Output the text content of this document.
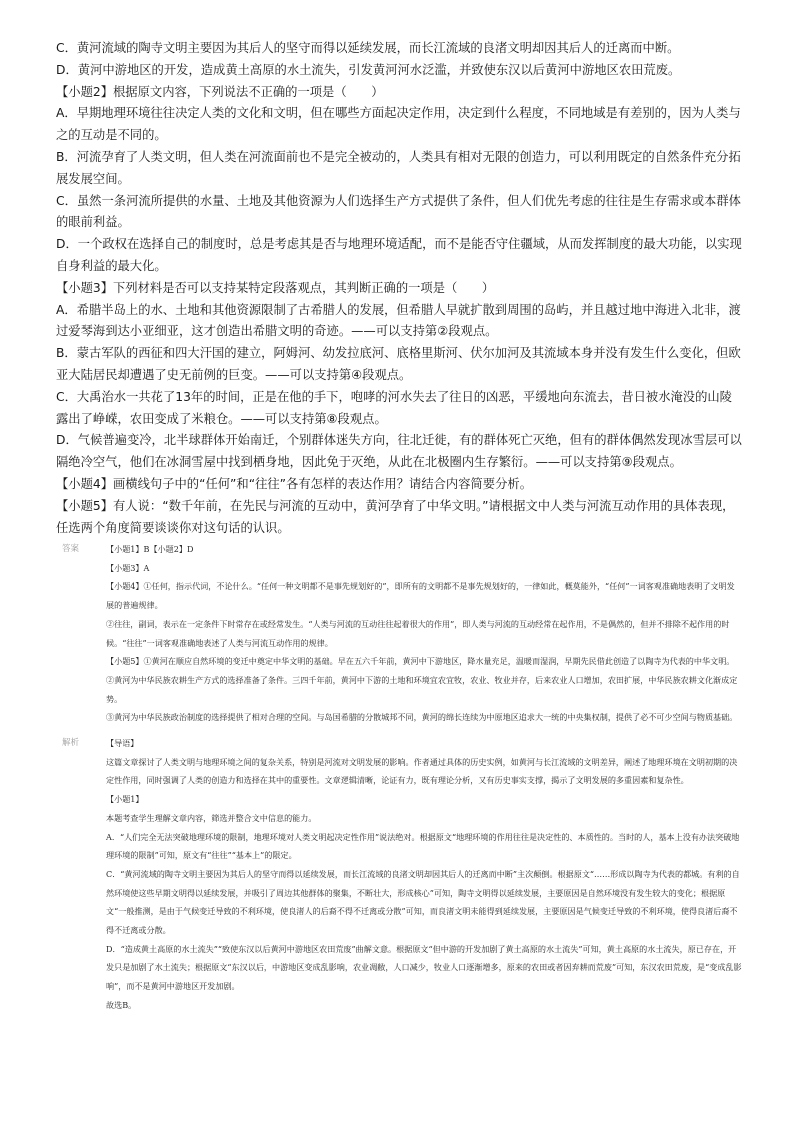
C．黄河流域的陶寺文明主要因为其后人的坚守而得以延续发展，而长江流域的良渚文明却因其后人的迁离而中断。

D．黄河中游地区的开发，造成黄土高原的水土流失，引发黄河河水泛滥，并致使东汉以后黄河中游地区农田荒废。

【小题2】根据原文内容，下列说法不正确的一项是（　　）

A．早期地理环境往往决定人类的文化和文明，但在哪些方面起决定作用，决定到什么程度，不同地域是有差别的，因为人类与之的互动是不同的。

B．河流孕育了人类文明，但人类在河流面前也不是完全被动的，人类具有相对无限的创造力，可以利用既定的自然条件充分拓展发展空间。

C．虽然一条河流所提供的水量、土地及其他资源为人们选择生产方式提供了条件，但人们优先考虑的往往是生存需求或本群体的眼前利益。

D．一个政权在选择自己的制度时，总是考虑其是否与地理环境适配，而不是能否守住疆域，从而发挥制度的最大功能，以实现自身利益的最大化。

【小题3】下列材料是否可以支持某特定段落观点，其判断正确的一项是（　　）

A．希腊半岛上的水、土地和其他资源限制了古希腊人的发展，但希腊人早就扩散到周围的岛屿，并且越过地中海进入北非，渡过爱琴海到达小亚细亚，这才创造出希腊文明的奇迹。——可以支持第②段观点。

B．蒙古军队的西征和四大汗国的建立，阿姆河、幼发拉底河、底格里斯河、伏尔加河及其流域本身并没有发生什么变化，但欧亚大陆居民却遭遇了史无前例的巨变。——可以支持第④段观点。

C．大禹治水一共花了13年的时间，正是在他的手下，咆哮的河水失去了往日的凶恶，平缓地向东流去，昔日被水淹没的山陵露出了峥嵘，农田变成了米粮仓。——可以支持第⑧段观点。

D．气候普遍变冷，北半球群体开始南迁，个别群体迷失方向，往北迁徙，有的群体死亡灭绝，但有的群体偶然发现冰雪层可以隔绝冷空气，他们在冰洞雪屋中找到栖身地，因此免于灭绝，从此在北极圈内生存繁衍。——可以支持第⑨段观点。

【小题4】画横线句子中的“任何”和“往往”各有怎样的表达作用？请结合内容简要分析。

【小题5】有人说：“数千年前，在先民与河流的互动中，黄河孕育了中华文明。”请根据文中人类与河流互动作用的具体表现，任选两个角度简要谈谈你对这句话的认识。

答案	【小题1】B【小题2】D

【小题3】A

【小题4】①任何，指示代词，不论什么。“任何一种文明都不是事先规划好的”，即所有的文明都不是事先规划好的，一律如此，概莫能外，“任何”一词客观准确地表明了文明发展的普遍规律。

②往往，副词，表示在一定条件下时常存在或经常发生。“人类与河流的互动往往起着很大的作用”，即人类与河流的互动经常在起作用，不是偶然的，但并不排除不起作用的时候。“往往”一词客观准确地表述了人类与河流互动作用的规律。

【小题5】①黄河在顺应自然环境的变迁中奠定中华文明的基础。早在五六千年前，黄河中下游地区，降水量充足，温暖而湿润，早期先民借此创造了以陶寺为代表的中华文明。

②黄河为中华民族农耕生产方式的选择准备了条件。三四千年前，黄河中下游的土地和环境宜农宜牧，农业、牧业并存，后来农业人口增加，农田扩展，中华民族农耕文化渐成定势。

③黄河为中华民族政治制度的选择提供了相对合理的空间。与岛国希腊的分散城邦不同，黄河的绵长连续为中原地区追求大一统的中央集权制，提供了必不可少空间与物质基础。

解析	【导语】

这篇文章探讨了人类文明与地理环境之间的复杂关系，特别是河流对文明发展的影响。作者通过具体的历史实例，如黄河与长江流域的文明差异，阐述了地理环境在文明初期的决定性作用，同时强调了人类的创造力和选择在其中的重要性。文章逻辑清晰，论证有力，既有理论分析，又有历史事实支撑，揭示了文明发展的多重因素和复杂性。

【小题1】

本题考查学生理解文章内容，筛选并整合文中信息的能力。

A．“人们完全无法突破地理环境的限制，地理环境对人类文明起决定性作用”说法绝对。根据原文“地理环境的作用往往是决定性的、本质性的。当时的人，基本上没有办法突破地理环境的限制”可知，原文有“往往”“基本上”的限定。

C．“黄河流域的陶寺文明主要因为其后人的坚守而得以延续发展，而长江流域的良渚文明却因其后人的迁离而中断”主次颠倒。根据原文“……形成以陶寺为代表的都城。有利的自然环境使这些早期文明得以延续发展，并吸引了周边其他群体的聚集，不断壮大，形成核心”可知，陶寺文明得以延续发展，主要原因是自然环境没有发生较大的变化；根据原文“一般推测，是由于气候变迁导致的不利环境，使良渚人的后裔不得不迁离或分散”可知，而良渚文明未能得到延续发展，主要原因是气候变迁导致的不利环境，使得良渚后裔不得不迁离或分散。

D．“造成黄土高原的水土流失”“致使东汉以后黄河中游地区农田荒废”曲解文意。根据原文“但中游的开发加剧了黄土高原的水土流失”可知，黄土高原的水土流失，原已存在，开发只是加剧了水土流失；根据原文“东汉以后，中游地区变成乱影响，农业凋敝，人口减少，牧业人口逐渐增多，原来的农田或者因弃耕而荒废”可知，东汉农田荒废，是“变成乱影响”，而不是黄河中游地区开发加剧。

故选B。
